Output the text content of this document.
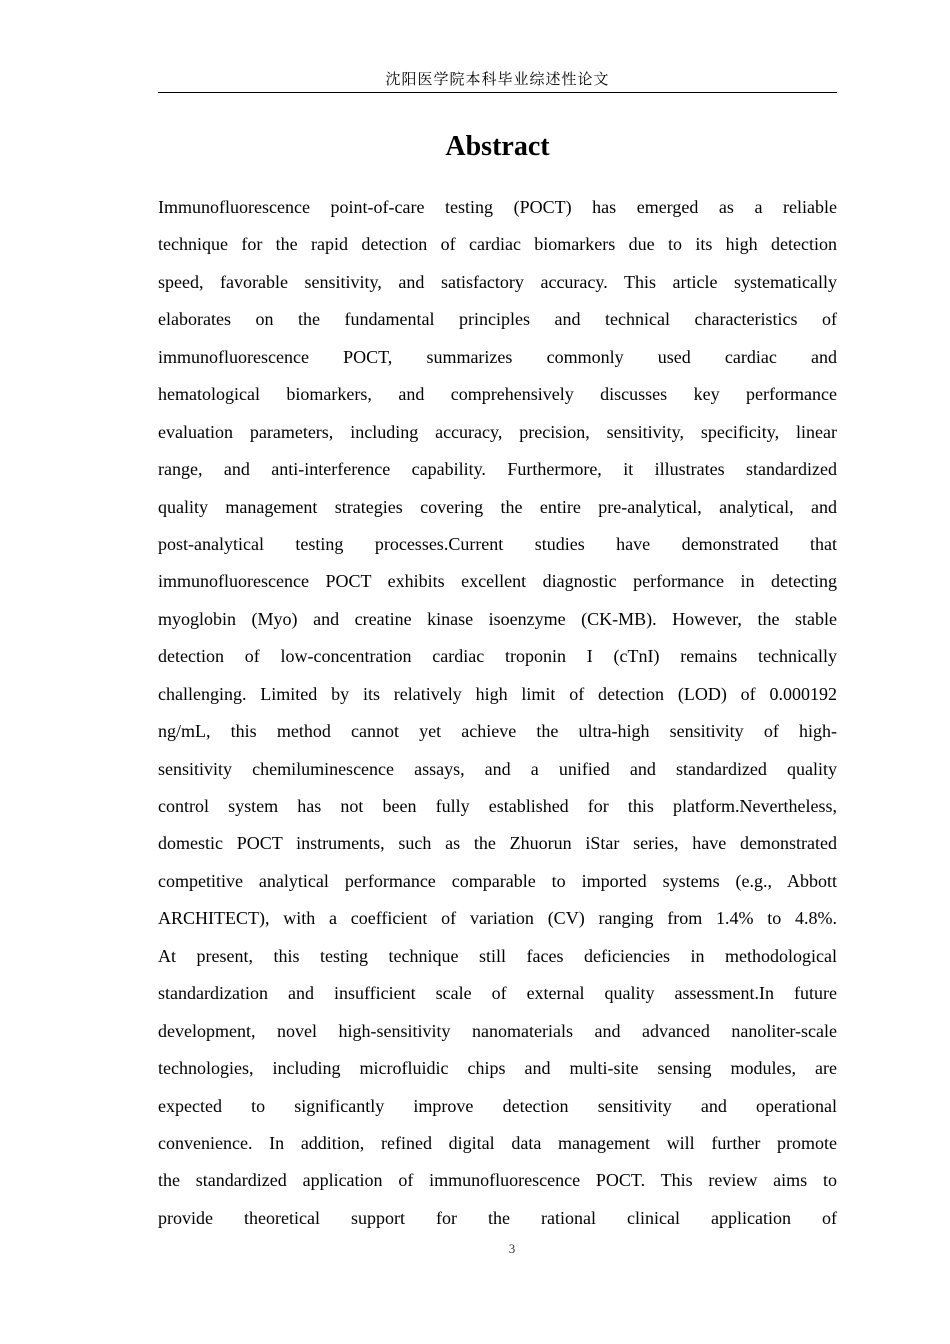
沈阳医学院本科毕业综述性论文
Abstract
Immunofluorescence point-of-care testing (POCT) has emerged as a reliable
technique for the rapid detection of cardiac biomarkers due to its high detection
speed, favorable sensitivity, and satisfactory accuracy. This article systematically
elaborates on the fundamental principles and technical characteristics of
immunofluorescence POCT, summarizes commonly used cardiac and
hematological biomarkers, and comprehensively discusses key performance
evaluation parameters, including accuracy, precision, sensitivity, specificity, linear
range, and anti-interference capability. Furthermore, it illustrates standardized
quality management strategies covering the entire pre-analytical, analytical, and
post-analytical testing processes.Current studies have demonstrated that
immunofluorescence POCT exhibits excellent diagnostic performance in detecting
myoglobin (Myo) and creatine kinase isoenzyme (CK-MB). However, the stable
detection of low-concentration cardiac troponin I (cTnI) remains technically
challenging. Limited by its relatively high limit of detection (LOD) of 0.000192
ng/mL, this method cannot yet achieve the ultra-high sensitivity of high-
sensitivity chemiluminescence assays, and a unified and standardized quality
control system has not been fully established for this platform.Nevertheless,
domestic POCT instruments, such as the Zhuorun iStar series, have demonstrated
competitive analytical performance comparable to imported systems (e.g., Abbott
ARCHITECT), with a coefficient of variation (CV) ranging from 1.4% to 4.8%.
At present, this testing technique still faces deficiencies in methodological
standardization and insufficient scale of external quality assessment.In future
development, novel high-sensitivity nanomaterials and advanced nanoliter-scale
technologies, including microfluidic chips and multi-site sensing modules, are
expected to significantly improve detection sensitivity and operational
convenience. In addition, refined digital data management will further promote
the standardized application of immunofluorescence POCT. This review aims to
provide theoretical support for the rational clinical application of
3
